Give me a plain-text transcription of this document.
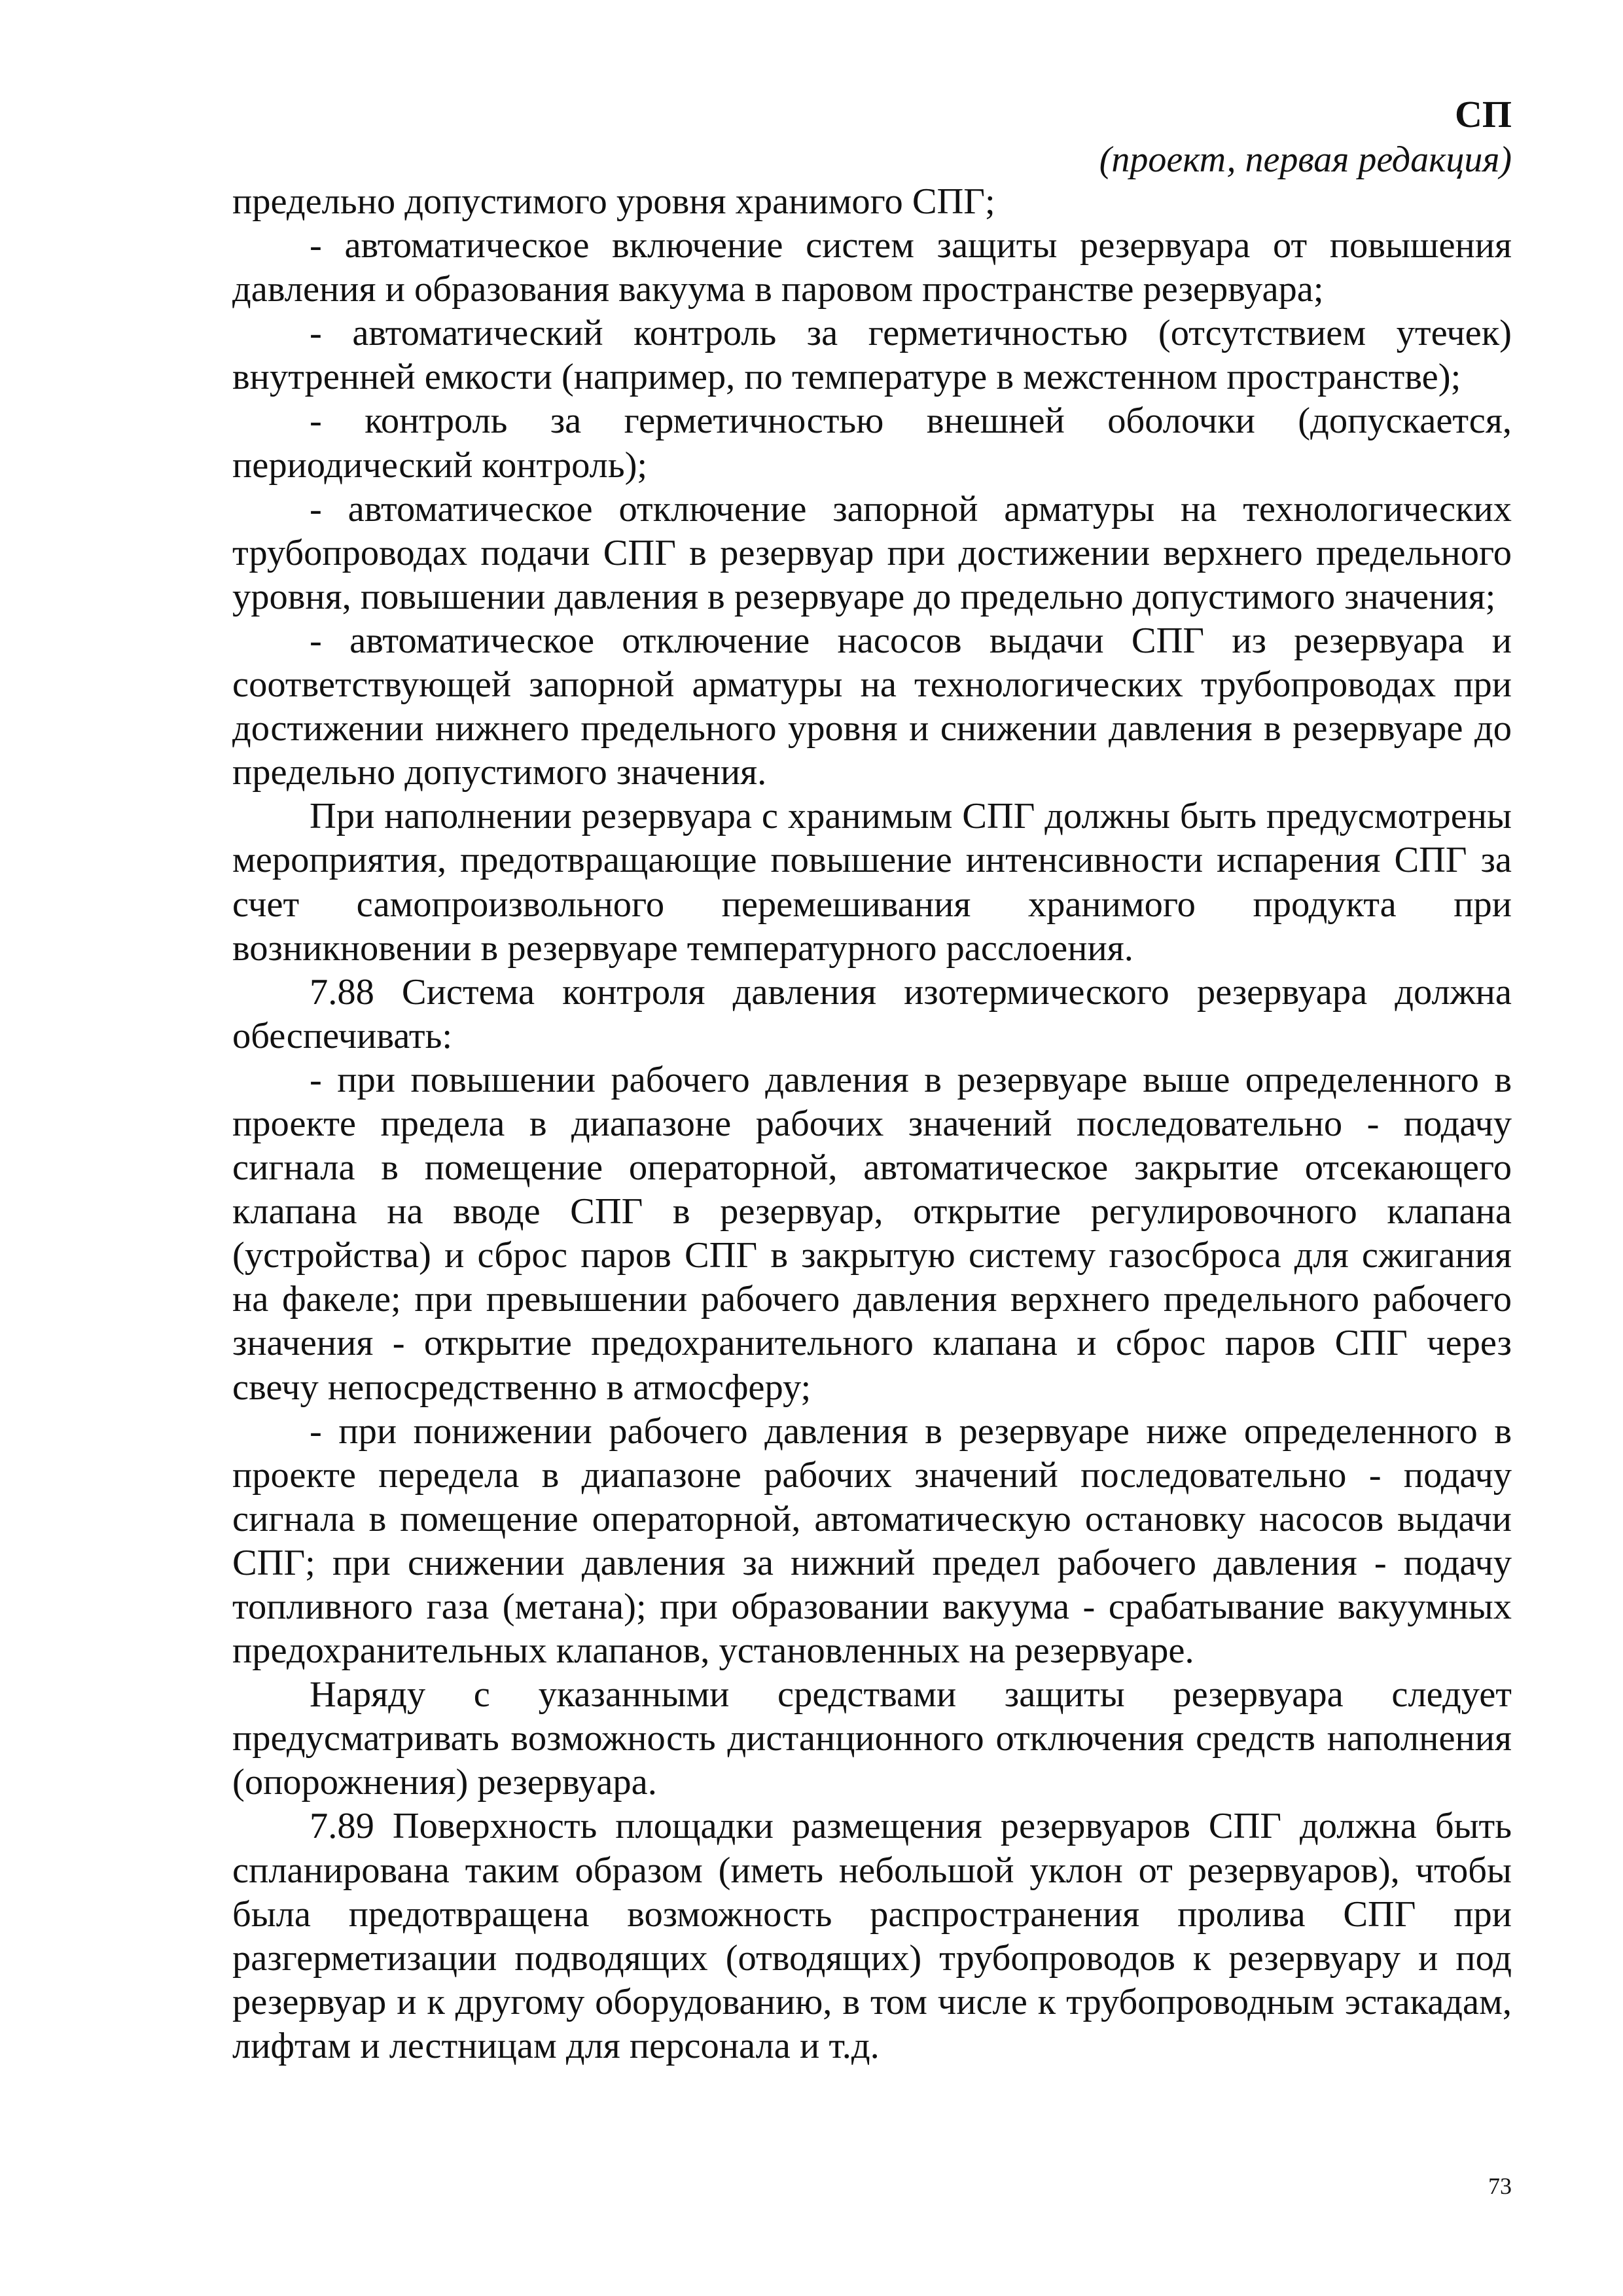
СП
(проект, первая редакция)

предельно допустимого уровня хранимого СПГ;

- автоматическое включение систем защиты резервуара от повышения давления и образования вакуума в паровом пространстве резервуара;

- автоматический контроль за герметичностью (отсутствием утечек) внутренней емкости (например, по температуре в межстенном пространстве);

- контроль за герметичностью внешней оболочки (допускается, периодический контроль);

- автоматическое отключение запорной арматуры на технологических трубопроводах подачи СПГ в резервуар при достижении верхнего предельного уровня, повышении давления в резервуаре до предельно допустимого значения;

- автоматическое отключение насосов выдачи СПГ из резервуара и соответствующей запорной арматуры на технологических трубопроводах при достижении нижнего предельного уровня и снижении давления в резервуаре до предельно допустимого значения.

При наполнении резервуара с хранимым СПГ должны быть предусмотрены мероприятия, предотвращающие повышение интенсивности испарения СПГ за счет самопроизвольного перемешивания хранимого продукта при возникновении в резервуаре температурного расслоения.

7.88 Система контроля давления изотермического резервуара должна обеспечивать:

- при повышении рабочего давления в резервуаре выше определенного в проекте предела в диапазоне рабочих значений последовательно - подачу сигнала в помещение операторной, автоматическое закрытие отсекающего клапана на вводе СПГ в резервуар, открытие регулировочного клапана (устройства) и сброс паров СПГ в закрытую систему газосброса для сжигания на факеле; при превышении рабочего давления верхнего предельного рабочего значения - открытие предохранительного клапана и сброс паров СПГ через свечу непосредственно в атмосферу;

- при понижении рабочего давления в резервуаре ниже определенного в проекте передела в диапазоне рабочих значений последовательно - подачу сигнала в помещение операторной, автоматическую остановку насосов выдачи СПГ; при снижении давления за нижний предел рабочего давления - подачу топливного газа (метана); при образовании вакуума - срабатывание вакуумных предохранительных клапанов, установленных на резервуаре.

Наряду с указанными средствами защиты резервуара следует предусматривать возможность дистанционного отключения средств наполнения (опорожнения) резервуара.

7.89 Поверхность площадки размещения резервуаров СПГ должна быть спланирована таким образом (иметь небольшой уклон от резервуаров), чтобы была предотвращена возможность распространения пролива СПГ при разгерметизации подводящих (отводящих) трубопроводов к резервуару и под резервуар и к другому оборудованию, в том числе к трубопроводным эстакадам, лифтам и лестницам для персонала и т.д.

73
